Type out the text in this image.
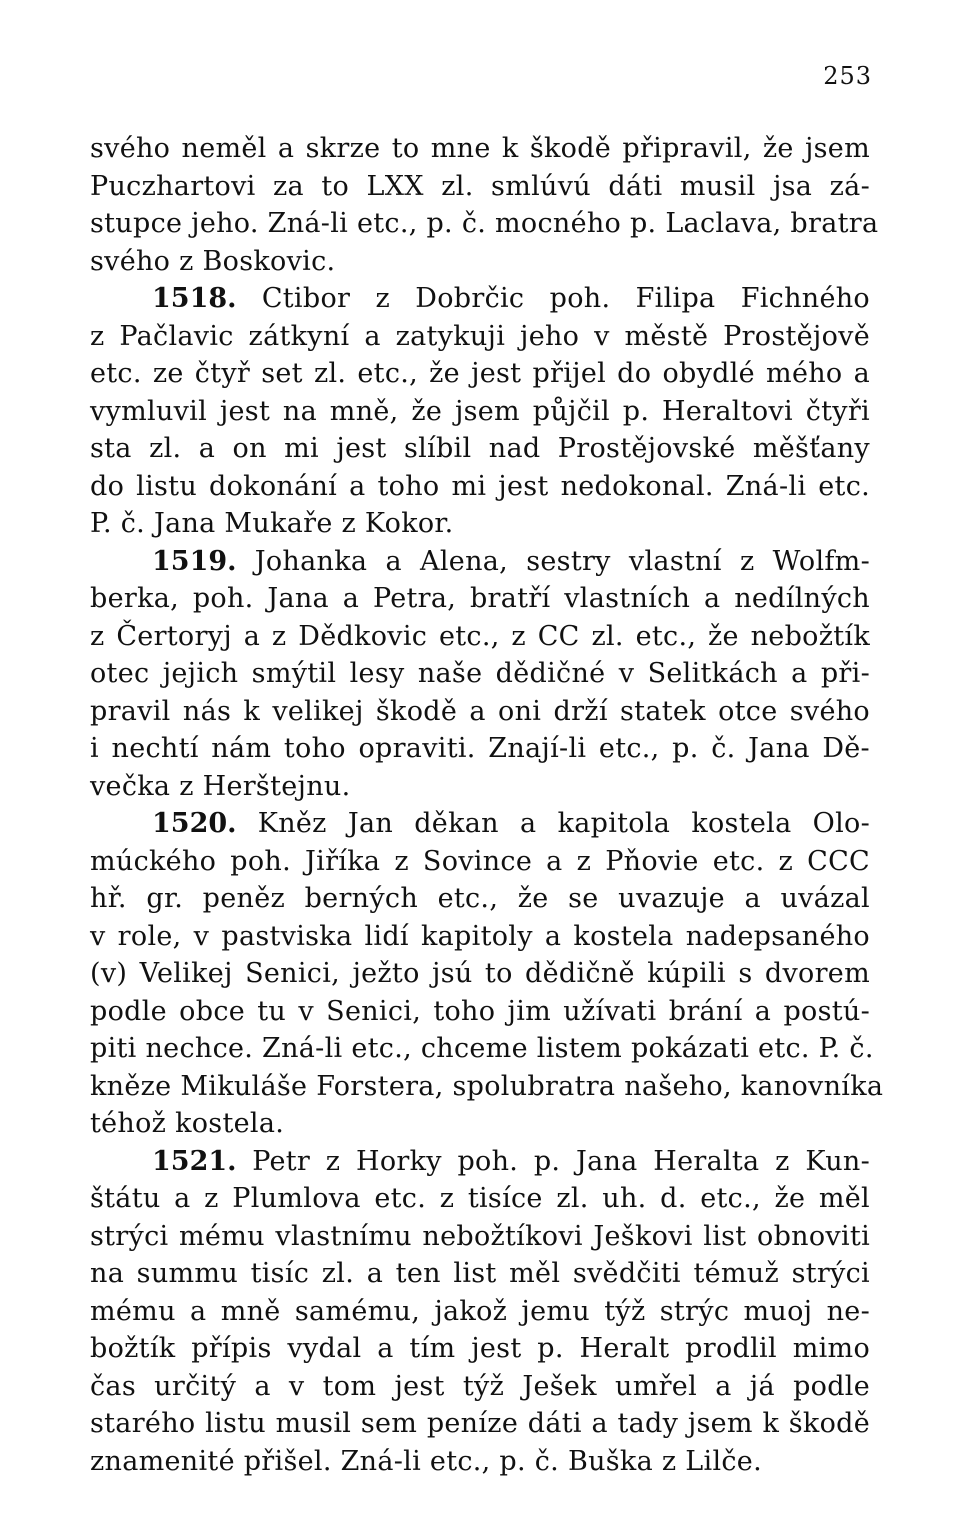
253
svého neměl a skrze to mne k škodě připravil, že jsem
Puczhartovi za to LXX zl. smlúvú dáti musil jsa zá-
stupce jeho. Zná-li etc., p. č. mocného p. Laclava, bratra
svého z Boskovic.
1518. Ctibor z Dobrčic poh. Filipa Fichného
z Pačlavic zátkyní a zatykuji jeho v městě Prostějově
etc. ze čtyř set zl. etc., že jest přijel do obydlé mého a
vymluvil jest na mně, že jsem půjčil p. Heraltovi čtyři
sta zl. a on mi jest slíbil nad Prostějovské měšťany
do listu dokonání a toho mi jest nedokonal. Zná-li etc.
P. č. Jana Mukaře z Kokor.
1519. Johanka a Alena, sestry vlastní z Wolfm-
berka, poh. Jana a Petra, bratří vlastních a nedílných
z Čertoryj a z Dědkovic etc., z CC zl. etc., že nebožtík
otec jejich smýtil lesy naše dědičné v Selitkách a při-
pravil nás k velikej škodě a oni drží statek otce svého
i nechtí nám toho opraviti. Znají-li etc., p. č. Jana Dě-
večka z Herštejnu.
1520. Kněz Jan děkan a kapitola kostela Olo-
múckého poh. Jiříka z Sovince a z Pňovie etc. z CCC
hř. gr. peněz berných etc., že se uvazuje a uvázal
v role, v pastviska lidí kapitoly a kostela nadepsaného
(v) Velikej Senici, ježto jsú to dědičně kúpili s dvorem
podle obce tu v Senici, toho jim užívati brání a postú-
piti nechce. Zná-li etc., chceme listem pokázati etc. P. č.
kněze Mikuláše Forstera, spolubratra našeho, kanovníka
téhož kostela.
1521. Petr z Horky poh. p. Jana Heralta z Kun-
štátu a z Plumlova etc. z tisíce zl. uh. d. etc., že měl
strýci mému vlastnímu nebožtíkovi Ješkovi list obnoviti
na summu tisíc zl. a ten list měl svědčiti témuž strýci
mému a mně samému, jakož jemu týž strýc muoj ne-
božtík přípis vydal a tím jest p. Heralt prodlil mimo
čas určitý a v tom jest týž Ješek umřel a já podle
starého listu musil sem peníze dáti a tady jsem k škodě
znamenité přišel. Zná-li etc., p. č. Buška z Lilče.
